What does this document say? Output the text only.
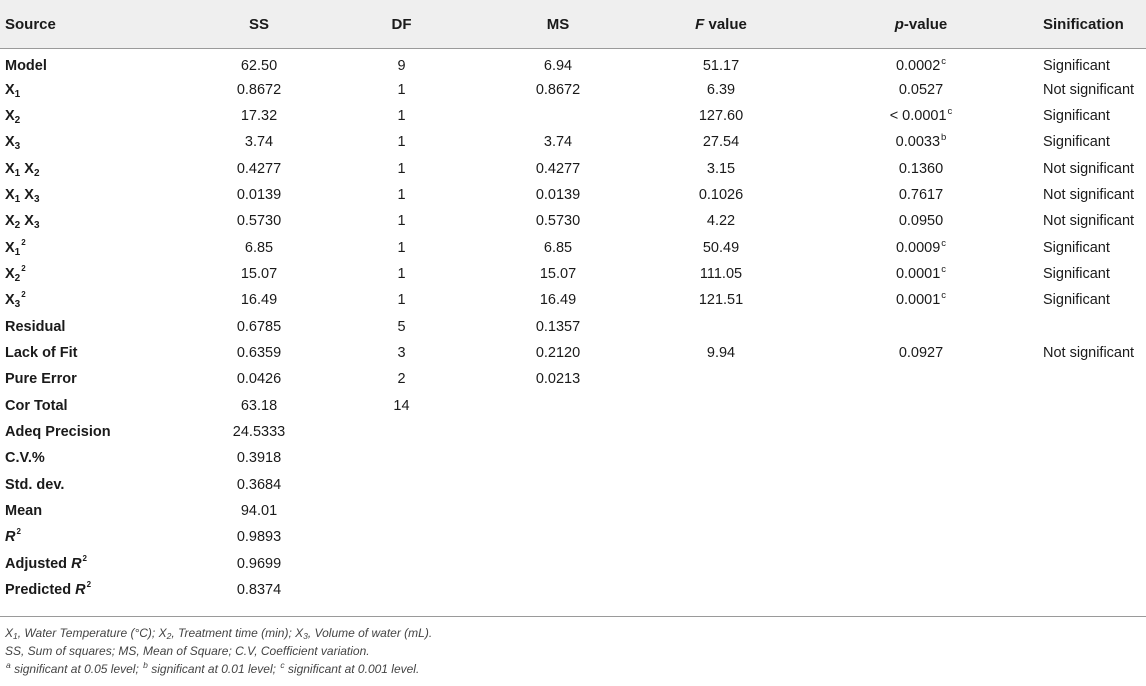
Source	SS	DF	MS	F value	p-value	Sinification
Model	62.50	9	6.94	51.17	0.0002$^c$	Significant
$X_1$	0.8672	1	0.8672	6.39	0.0527	Not significant
$X_2$	17.32	1		127.60	< 0.0001$^c$	Significant
$X_3$	3.74	1	3.74	27.54	0.0033$^b$	Significant
$X_1$ $X_2$	0.4277	1	0.4277	3.15	0.1360	Not significant
$X_1$ $X_3$	0.0139	1	0.0139	0.1026	0.7617	Not significant
$X_2$ $X_3$	0.5730	1	0.5730	4.22	0.0950	Not significant
$X_1^2$	6.85	1	6.85	50.49	0.0009$^c$	Significant
$X_2^2$	15.07	1	15.07	111.05	0.0001$^c$	Significant
$X_3^2$	16.49	1	16.49	121.51	0.0001$^c$	Significant
Residual	0.6785	5	0.1357			
Lack of Fit	0.6359	3	0.2120	9.94	0.0927	Not significant
Pure Error	0.0426	2	0.0213			
Cor Total	63.18	14				
Adeq Precision	24.5333					
C.V.%	0.3918					
Std. dev.	0.3684					
Mean	94.01					
$R^2$	0.9893					
Adjusted $R^2$	0.9699					
Predicted $R^2$	0.8374					
$X_1$, Water Temperature (°C); $X_2$, Treatment time (min); $X_3$, Volume of water (mL).
SS, Sum of squares; MS, Mean of Square; C.V, Coefficient variation.
$^a$ significant at 0.05 level; $^b$ significant at 0.01 level; $^c$ significant at 0.001 level.
